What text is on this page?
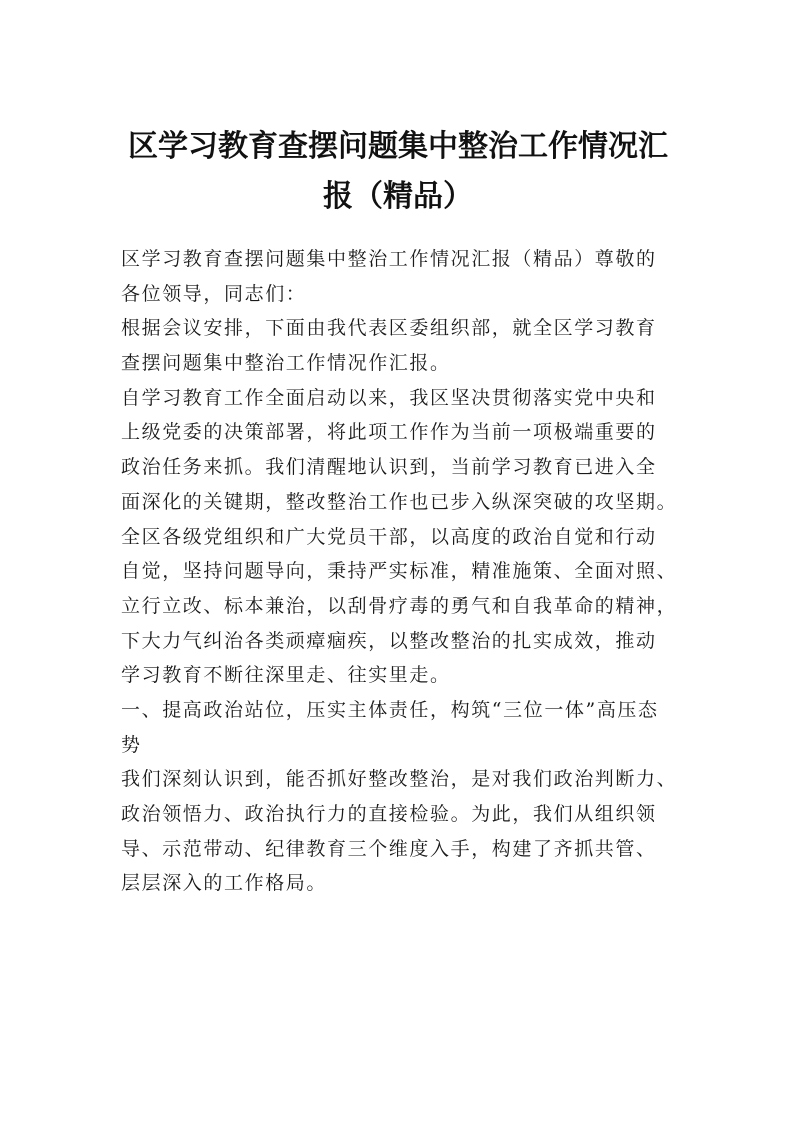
区学习教育查摆问题集中整治工作情况汇
报（精品）
区学习教育查摆问题集中整治工作情况汇报（精品）尊敬的
各位领导，同志们：
根据会议安排，下面由我代表区委组织部，就全区学习教育
查摆问题集中整治工作情况作汇报。
自学习教育工作全面启动以来，我区坚决贯彻落实党中央和
上级党委的决策部署，将此项工作作为当前一项极端重要的
政治任务来抓。我们清醒地认识到，当前学习教育已进入全
面深化的关键期，整改整治工作也已步入纵深突破的攻坚期。
全区各级党组织和广大党员干部，以高度的政治自觉和行动
自觉，坚持问题导向，秉持严实标准，精准施策、全面对照、
立行立改、标本兼治，以刮骨疗毒的勇气和自我革命的精神，
下大力气纠治各类顽瘴痼疾，以整改整治的扎实成效，推动
学习教育不断往深里走、往实里走。
一、提高政治站位，压实主体责任，构筑“三位一体”高压态
势
我们深刻认识到，能否抓好整改整治，是对我们政治判断力、
政治领悟力、政治执行力的直接检验。为此，我们从组织领
导、示范带动、纪律教育三个维度入手，构建了齐抓共管、
层层深入的工作格局。
